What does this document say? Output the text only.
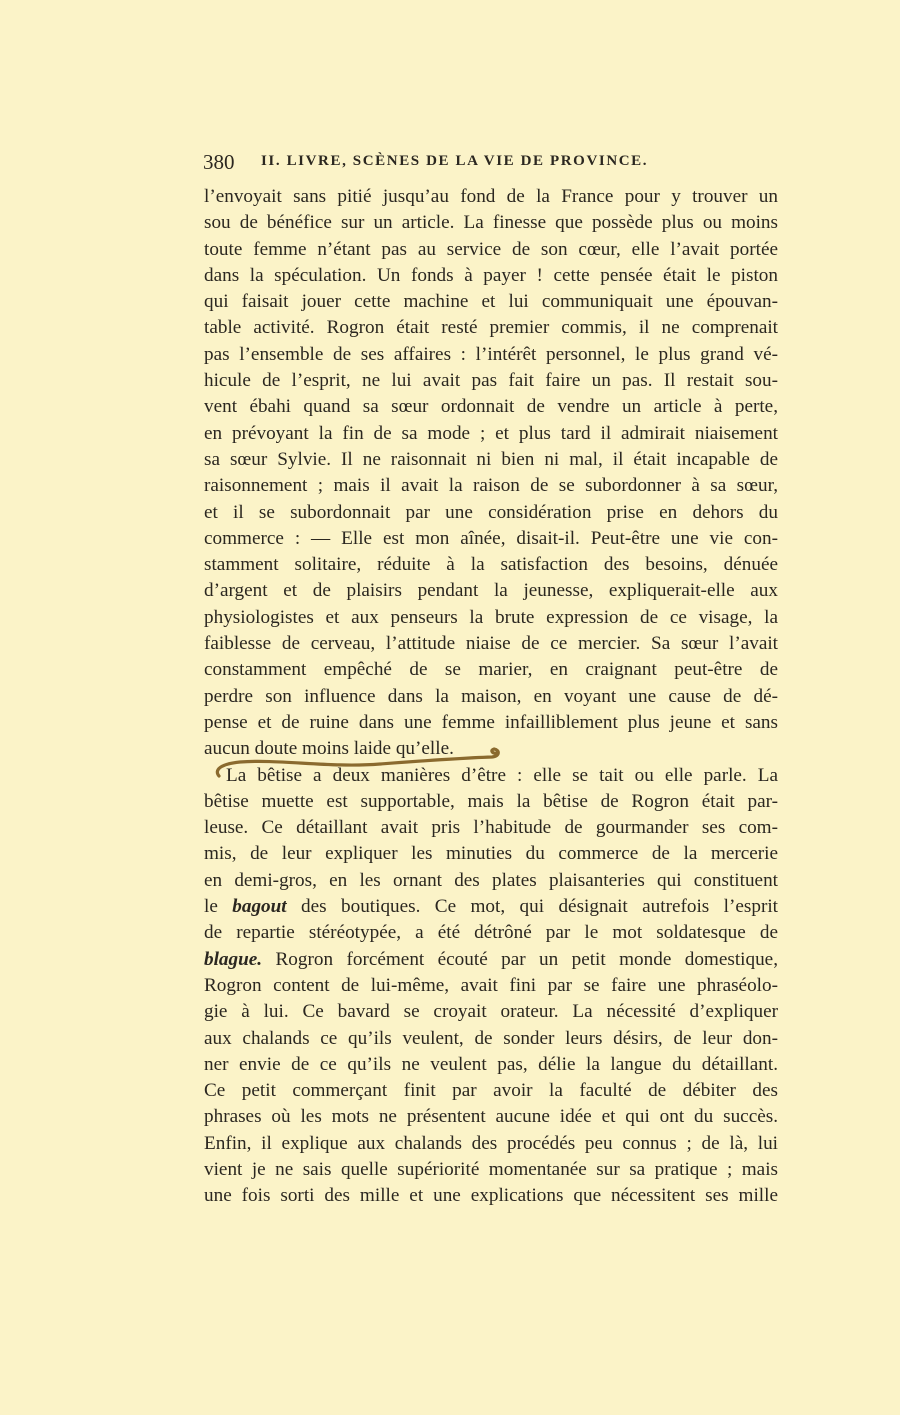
380 II. LIVRE, SCÈNES DE LA VIE DE PROVINCE.
l’envoyait sans pitié jusqu’au fond de la France pour y trouver un
sou de bénéfice sur un article. La finesse que possède plus ou moins
toute femme n’étant pas au service de son cœur, elle l’avait portée
dans la spéculation. Un fonds à payer ! cette pensée était le piston
qui faisait jouer cette machine et lui communiquait une épouvan-
table activité. Rogron était resté premier commis, il ne comprenait
pas l’ensemble de ses affaires : l’intérêt personnel, le plus grand vé-
hicule de l’esprit, ne lui avait pas fait faire un pas. Il restait sou-
vent ébahi quand sa sœur ordonnait de vendre un article à perte,
en prévoyant la fin de sa mode ; et plus tard il admirait niaisement
sa sœur Sylvie. Il ne raisonnait ni bien ni mal, il était incapable de
raisonnement ; mais il avait la raison de se subordonner à sa sœur,
et il se subordonnait par une considération prise en dehors du
commerce : — Elle est mon aînée, disait-il. Peut-être une vie con-
stamment solitaire, réduite à la satisfaction des besoins, dénuée
d’argent et de plaisirs pendant la jeunesse, expliquerait-elle aux
physiologistes et aux penseurs la brute expression de ce visage, la
faiblesse de cerveau, l’attitude niaise de ce mercier. Sa sœur l’avait
constamment empêché de se marier, en craignant peut-être de
perdre son influence dans la maison, en voyant une cause de dé-
pense et de ruine dans une femme infailliblement plus jeune et sans
aucun doute moins laide qu’elle.
La bêtise a deux manières d’être : elle se tait ou elle parle. La
bêtise muette est supportable, mais la bêtise de Rogron était par-
leuse. Ce détaillant avait pris l’habitude de gourmander ses com-
mis, de leur expliquer les minuties du commerce de la mercerie
en demi-gros, en les ornant des plates plaisanteries qui constituent
le bagout des boutiques. Ce mot, qui désignait autrefois l’esprit
de repartie stéréotypée, a été détrôné par le mot soldatesque de
blague. Rogron forcément écouté par un petit monde domestique,
Rogron content de lui-même, avait fini par se faire une phraséolo-
gie à lui. Ce bavard se croyait orateur. La nécessité d’expliquer
aux chalands ce qu’ils veulent, de sonder leurs désirs, de leur don-
ner envie de ce qu’ils ne veulent pas, délie la langue du détaillant.
Ce petit commerçant finit par avoir la faculté de débiter des
phrases où les mots ne présentent aucune idée et qui ont du succès.
Enfin, il explique aux chalands des procédés peu connus ; de là, lui
vient je ne sais quelle supériorité momentanée sur sa pratique ; mais
une fois sorti des mille et une explications que nécessitent ses mille
